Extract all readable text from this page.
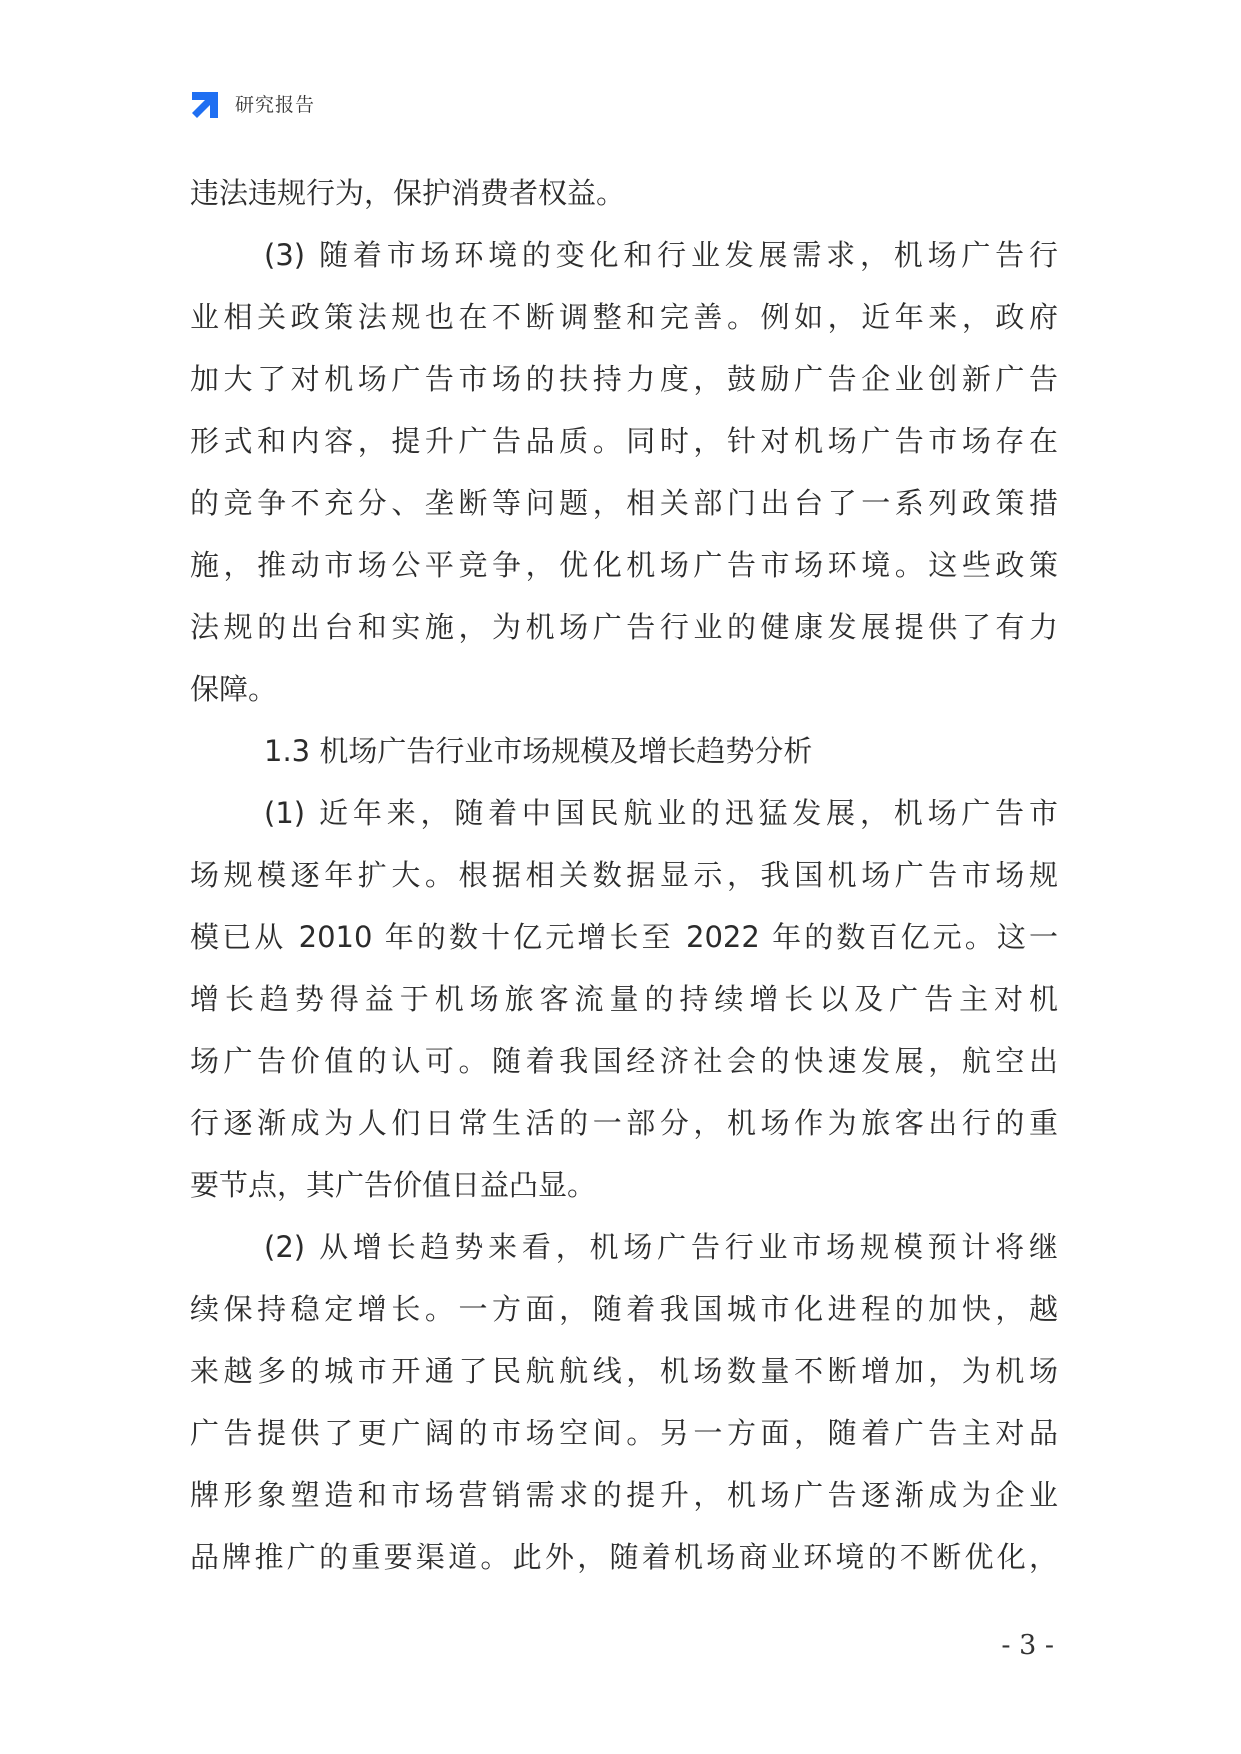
研究报告
违法违规行为，保护消费者权益。
(3) 随着市场环境的变化和行业发展需求，机场广告行
业相关政策法规也在不断调整和完善。例如，近年来，政府
加大了对机场广告市场的扶持力度，鼓励广告企业创新广告
形式和内容，提升广告品质。同时，针对机场广告市场存在
的竞争不充分、垄断等问题，相关部门出台了一系列政策措
施，推动市场公平竞争，优化机场广告市场环境。这些政策
法规的出台和实施，为机场广告行业的健康发展提供了有力
保障。
1.3 机场广告行业市场规模及增长趋势分析
(1) 近年来，随着中国民航业的迅猛发展，机场广告市
场规模逐年扩大。根据相关数据显示，我国机场广告市场规
模已从 2010 年的数十亿元增长至 2022 年的数百亿元。这一
增长趋势得益于机场旅客流量的持续增长以及广告主对机
场广告价值的认可。随着我国经济社会的快速发展，航空出
行逐渐成为人们日常生活的一部分，机场作为旅客出行的重
要节点，其广告价值日益凸显。
(2) 从增长趋势来看，机场广告行业市场规模预计将继
续保持稳定增长。一方面，随着我国城市化进程的加快，越
来越多的城市开通了民航航线，机场数量不断增加，为机场
广告提供了更广阔的市场空间。另一方面，随着广告主对品
牌形象塑造和市场营销需求的提升，机场广告逐渐成为企业
品牌推广的重要渠道。此外，随着机场商业环境的不断优化，
- 3 -
